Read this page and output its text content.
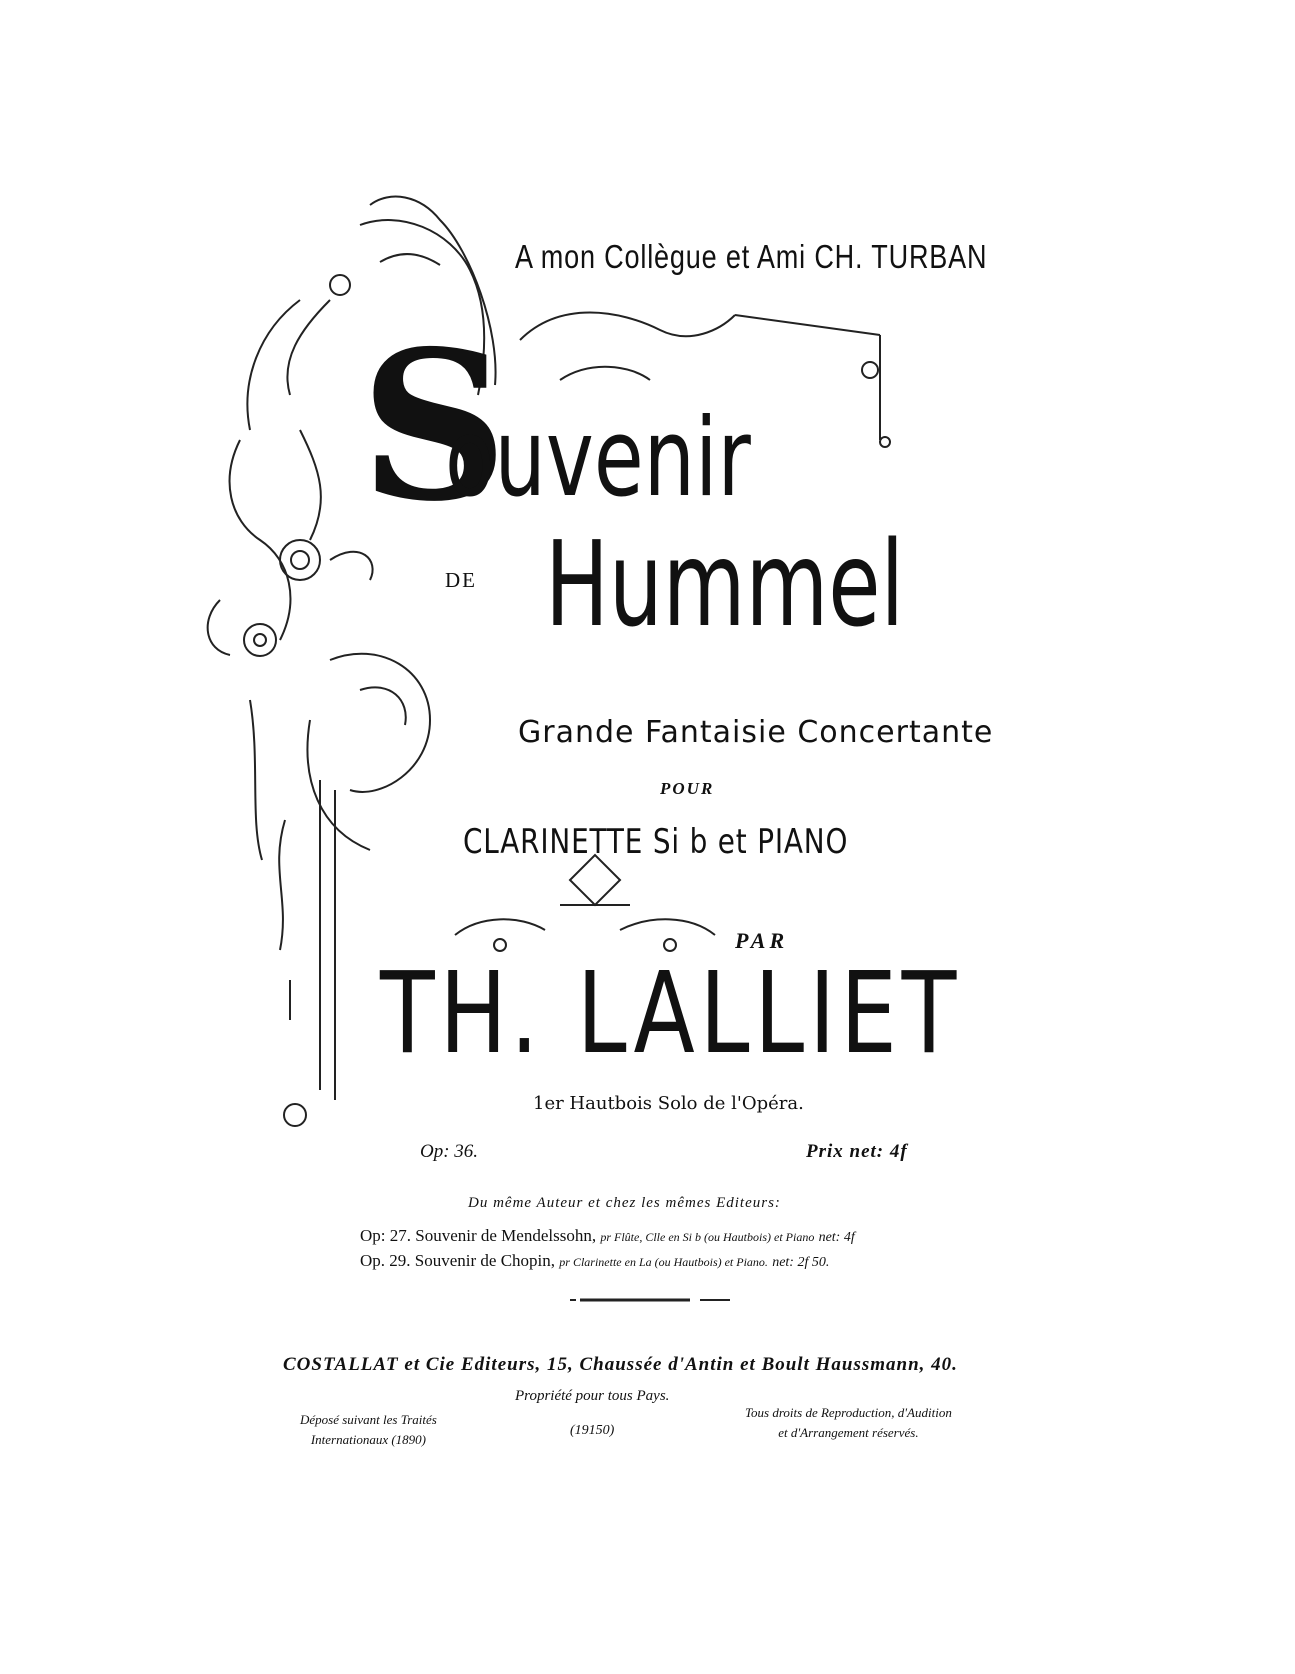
A mon Collègue et Ami CH. TURBAN
S
ouvenir
DE Hummel
Grande Fantaisie Concertante
POUR
CLARINETTE Si b et PIANO
PAR
TH. LALLIET
1er Hautbois Solo de l'Opéra.
Op: 36.	Prix net: 4f
Du même Auteur et chez les mêmes Editeurs:
Op: 27. Souvenir de Mendelssohn, pr Flûte, Clle en Si b (ou Hautbois) et Piano net: 4f
Op. 29. Souvenir de Chopin, pr Clarinette en La (ou Hautbois) et Piano. net: 2f 50.
COSTALLAT et Cie Editeurs, 15, Chaussée d'Antin et Boult Haussmann, 40.
Propriété pour tous Pays.
Déposé suivant les Traités
Internationaux (1890)
(19150)
Tous droits de Reproduction, d'Audition
et d'Arrangement réservés.
